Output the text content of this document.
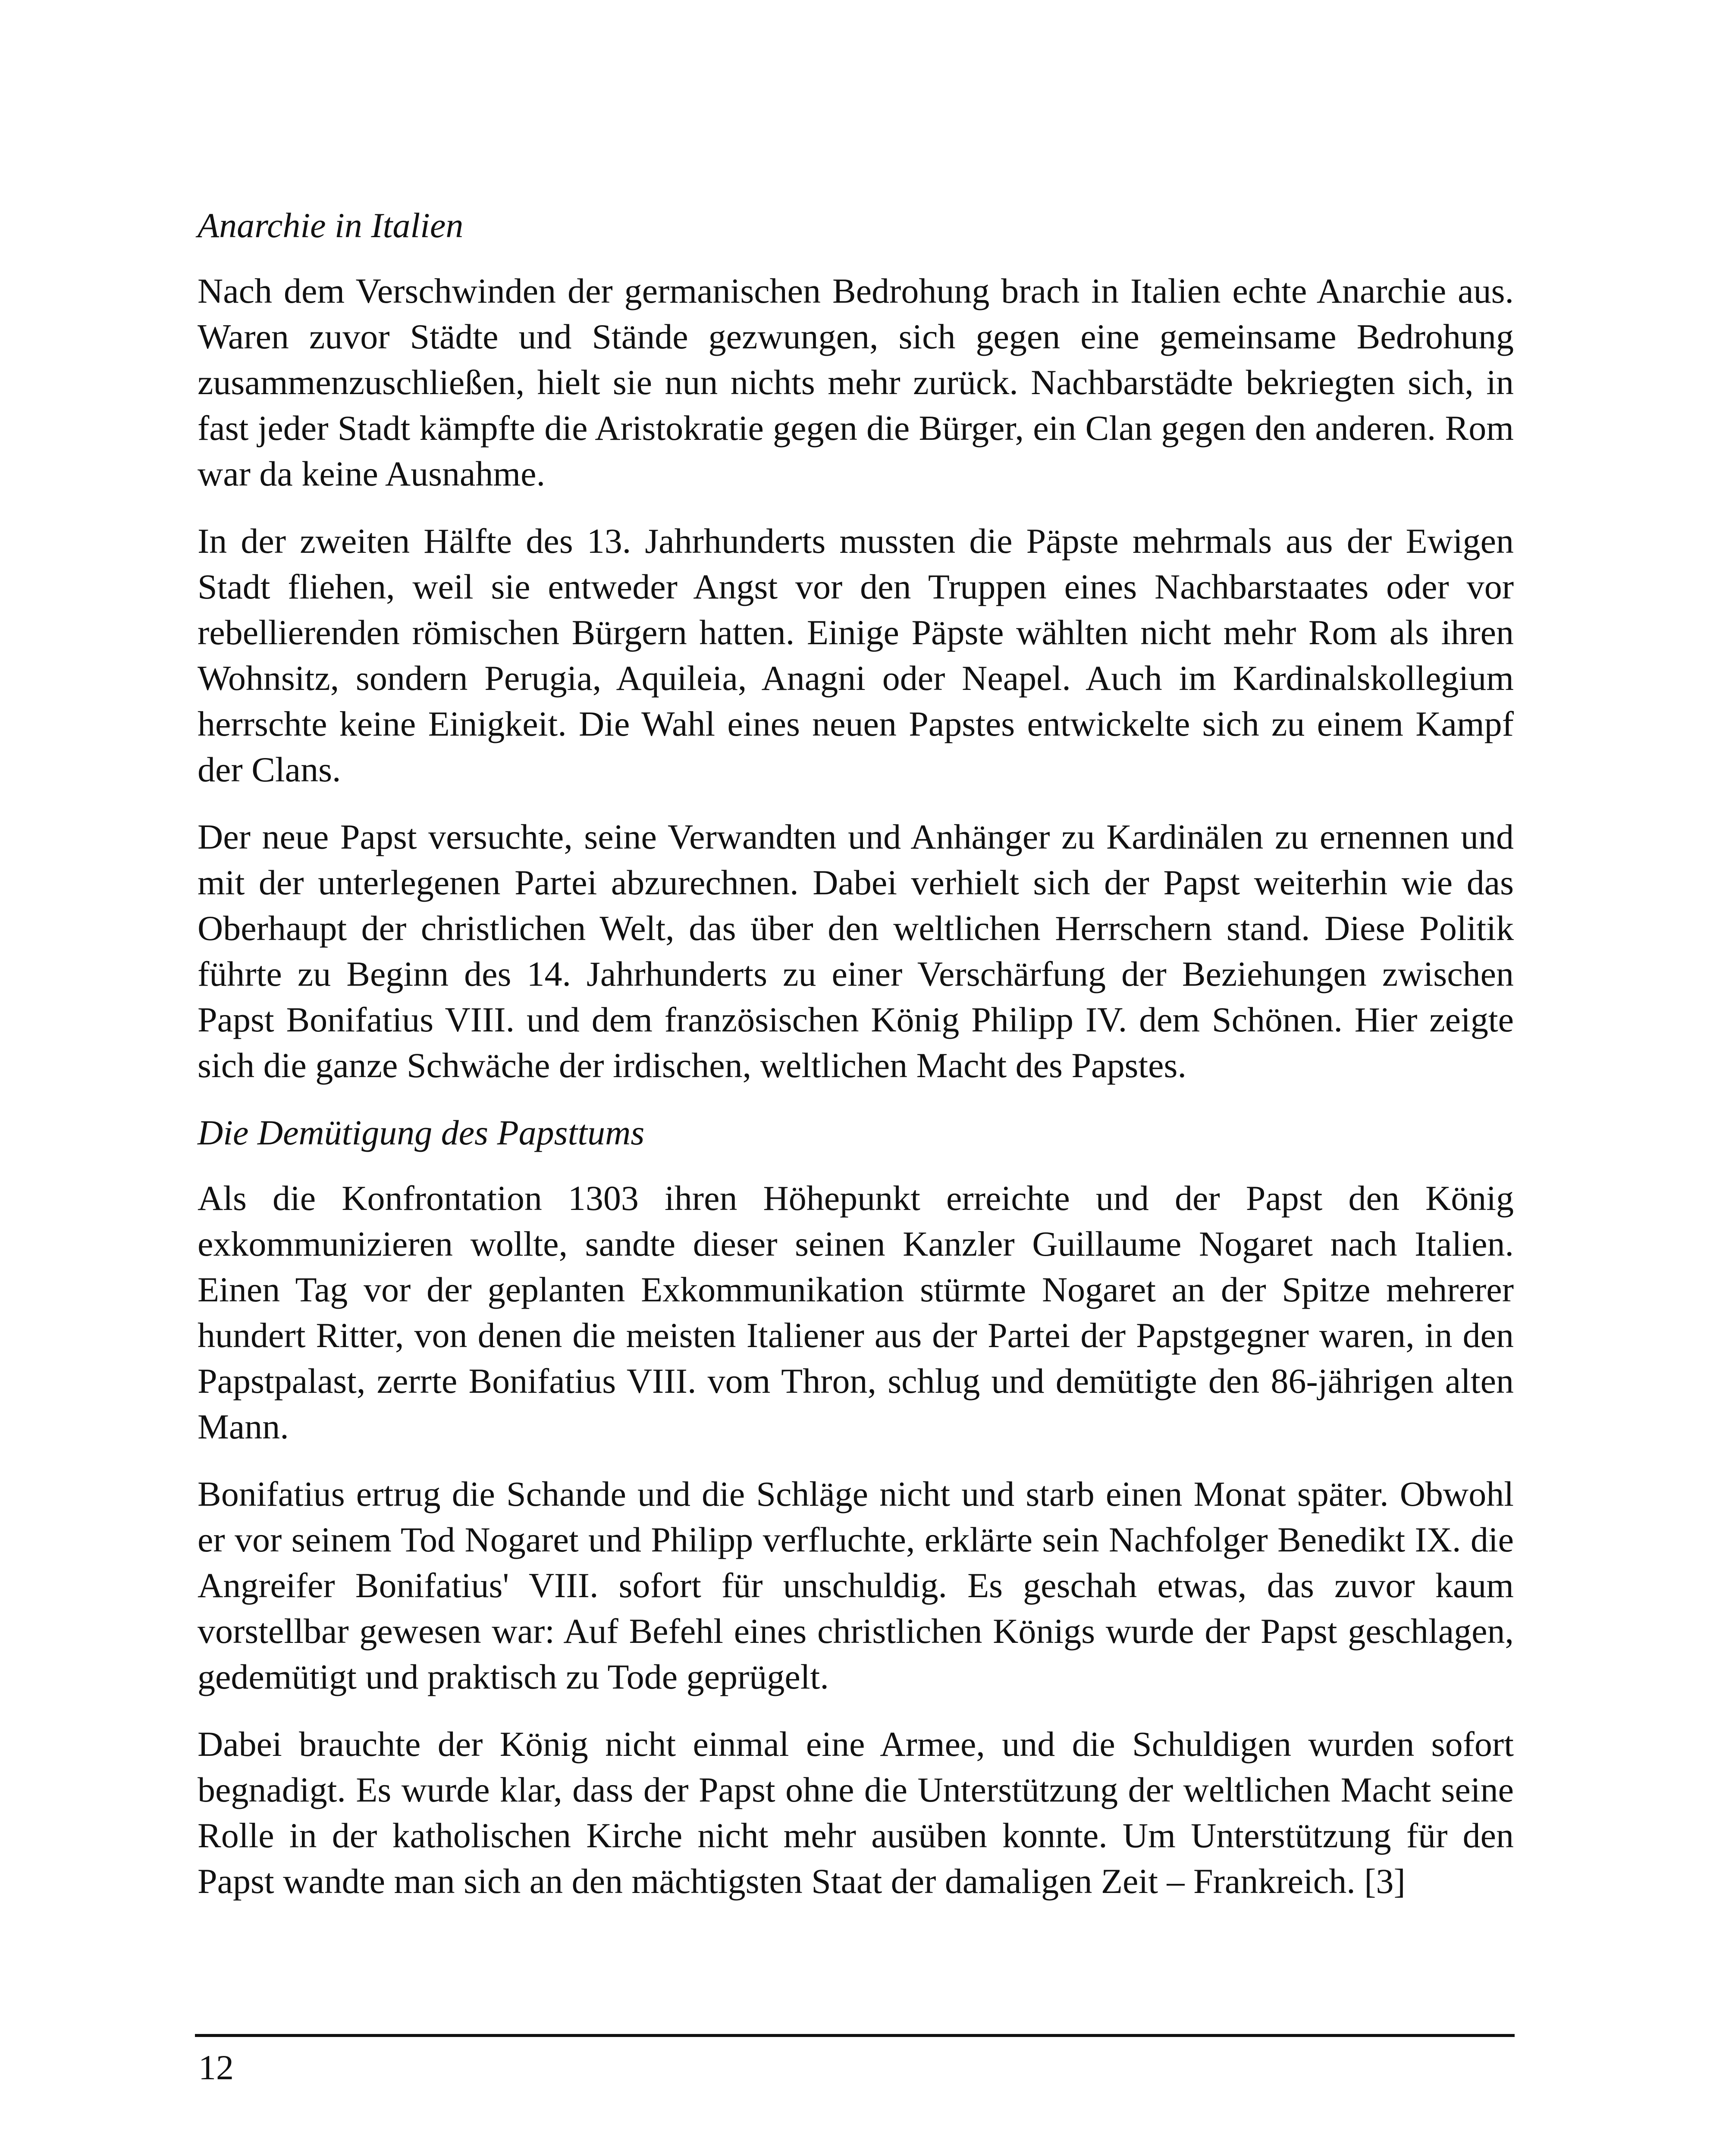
Anarchie in Italien

Nach dem Verschwinden der germanischen Bedrohung brach in Italien echte Anarchie aus. Waren zuvor Städte und Stände gezwungen, sich gegen eine gemeinsame Bedrohung zusammenzuschließen, hielt sie nun nichts mehr zurück. Nachbarstädte bekriegten sich, in fast jeder Stadt kämpfte die Aristokratie gegen die Bürger, ein Clan gegen den anderen. Rom war da keine Ausnahme.

In der zweiten Hälfte des 13. Jahrhunderts mussten die Päpste mehrmals aus der Ewigen Stadt fliehen, weil sie entweder Angst vor den Truppen eines Nachbarstaates oder vor rebellierenden römischen Bürgern hatten. Einige Päpste wählten nicht mehr Rom als ihren Wohnsitz, sondern Perugia, Aquileia, Anagni oder Neapel. Auch im Kardinalskollegium herrschte keine Einigkeit. Die Wahl eines neuen Papstes entwickelte sich zu einem Kampf der Clans.

Der neue Papst versuchte, seine Verwandten und Anhänger zu Kardinälen zu ernennen und mit der unterlegenen Partei abzurechnen. Dabei verhielt sich der Papst weiterhin wie das Oberhaupt der christlichen Welt, das über den weltlichen Herrschern stand. Diese Politik führte zu Beginn des 14. Jahrhunderts zu einer Verschärfung der Beziehungen zwischen Papst Bonifatius VIII. und dem französischen König Philipp IV. dem Schönen. Hier zeigte sich die ganze Schwäche der irdischen, weltlichen Macht des Papstes.

Die Demütigung des Papsttums

Als die Konfrontation 1303 ihren Höhepunkt erreichte und der Papst den König exkommunizieren wollte, sandte dieser seinen Kanzler Guillaume Nogaret nach Italien. Einen Tag vor der geplanten Exkommunikation stürmte Nogaret an der Spitze mehrerer hundert Ritter, von denen die meisten Italiener aus der Partei der Papstgegner waren, in den Papstpalast, zerrte Bonifatius VIII. vom Thron, schlug und demütigte den 86-jährigen alten Mann.

Bonifatius ertrug die Schande und die Schläge nicht und starb einen Monat später. Obwohl er vor seinem Tod Nogaret und Philipp verfluchte, erklärte sein Nachfolger Benedikt IX. die Angreifer Bonifatius' VIII. sofort für unschuldig. Es geschah etwas, das zuvor kaum vorstellbar gewesen war: Auf Befehl eines christlichen Königs wurde der Papst geschlagen, gedemütigt und praktisch zu Tode geprügelt.

Dabei brauchte der König nicht einmal eine Armee, und die Schuldigen wurden sofort begnadigt. Es wurde klar, dass der Papst ohne die Unterstützung der weltlichen Macht seine Rolle in der katholischen Kirche nicht mehr ausüben konnte. Um Unterstützung für den Papst wandte man sich an den mächtigsten Staat der damaligen Zeit – Frankreich. [3]

12
